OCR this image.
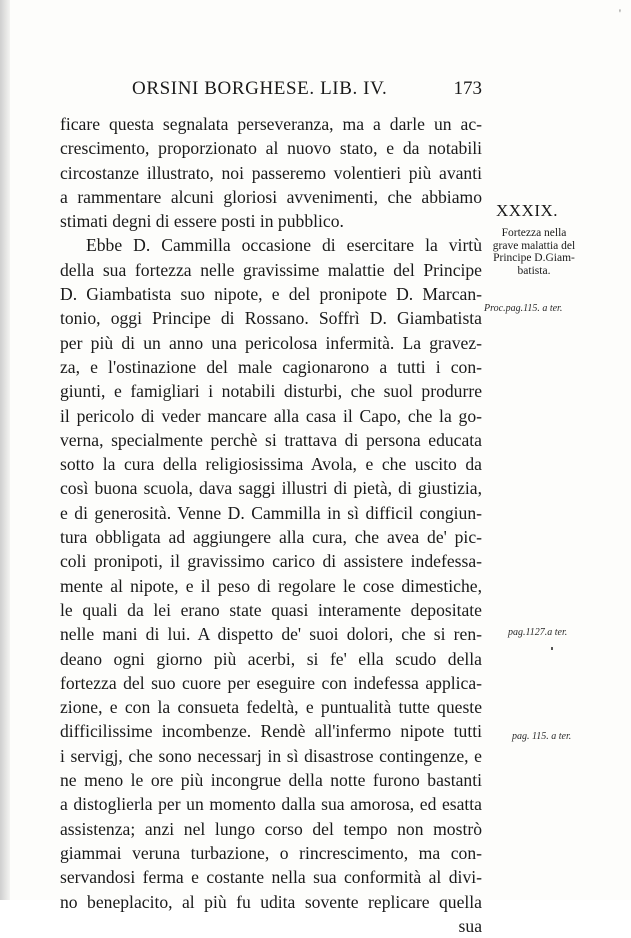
'
ORSINI BORGHESE. LIB. IV.	173
ficare questa segnalata perseveranza, ma a darle un ac-
crescimento, proporzionato al nuovo stato, e da notabili
circostanze illustrato, noi passeremo volentieri più avanti
a rammentare alcuni gloriosi avvenimenti, che abbiamo
stimati degni di essere posti in pubblico.
Ebbe D. Cammilla occasione di esercitare la virtù
della sua fortezza nelle gravissime malattie del Principe
D. Giambatista suo nipote, e del pronipote D. Marcan-
tonio, oggi Principe di Rossano. Soffrì D. Giambatista
per più di un anno una pericolosa infermità. La gravez-
za, e l'ostinazione del male cagionarono a tutti i con-
giunti, e famigliari i notabili disturbi, che suol produrre
il pericolo di veder mancare alla casa il Capo, che la go-
verna, specialmente perchè si trattava di persona educata
sotto la cura della religiosissima Avola, e che uscito da
così buona scuola, dava saggi illustri di pietà, di giustizia,
e di generosità. Venne D. Cammilla in sì difficil congiun-
tura obbligata ad aggiungere alla cura, che avea de' pic-
coli pronipoti, il gravissimo carico di assistere indefessa-
mente al nipote, e il peso di regolare le cose dimestiche,
le quali da lei erano state quasi interamente depositate
nelle mani di lui. A dispetto de' suoi dolori, che si ren-
deano ogni giorno più acerbi, si fe' ella scudo della
fortezza del suo cuore per eseguire con indefessa applica-
zione, e con la consueta fedeltà, e puntualità tutte queste
difficilissime incombenze. Rendè all'infermo nipote tutti
i servigj, che sono necessarj in sì disastrose contingenze, e
ne meno le ore più incongrue della notte furono bastanti
a distoglierla per un momento dalla sua amorosa, ed esatta
assistenza; anzi nel lungo corso del tempo non mostrò
giammai veruna turbazione, o rincrescimento, ma con-
servandosi ferma e costante nella sua conformità al divi-
no beneplacito, al più fu udita sovente replicare quella
sua
XXXIX.
Fortezza nella
grave malattia del
Principe D.Giam-
batista.
Proc.pag.115. a ter.
pag.1127.a ter.
pag. 115. a ter.
